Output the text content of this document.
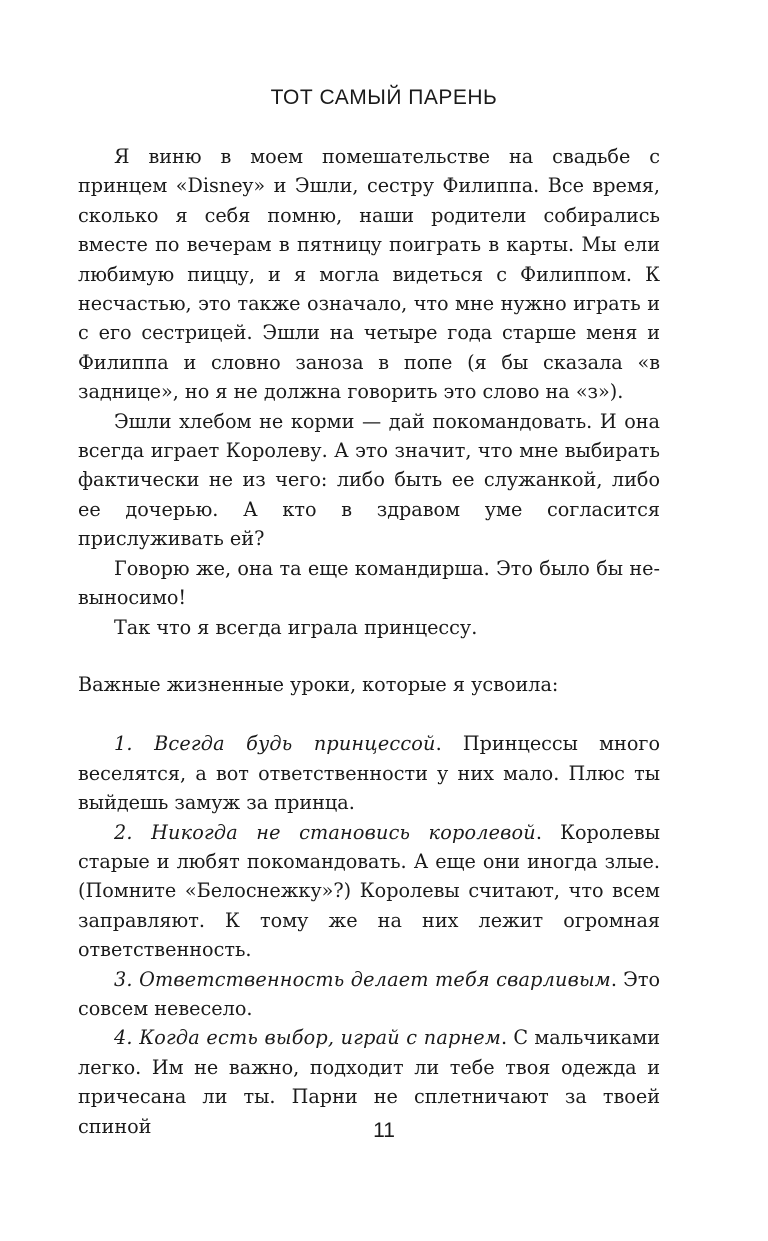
ТОТ САМЫЙ ПАРЕНЬ

Я виню в моем помешательстве на свадьбе с принцем «Disney» и Эшли, сестру Филиппа. Все время, сколько я себя помню, наши родители собирались вместе по вечерам в пятницу поиграть в карты. Мы ели любимую пиццу, и я могла видеться с Филиппом. К несчастью, это также означало, что мне нужно играть и с его сестрицей. Эшли на четыре года старше меня и Филиппа и словно заноза в попе (я бы сказала «в заднице», но я не должна говорить это слово на «з»).

Эшли хлебом не корми — дай покомандовать. И она всегда играет Королеву. А это значит, что мне выбирать фактически не из чего: либо быть ее служанкой, либо ее дочерью. А кто в здравом уме согласится прислуживать ей?

Говорю же, она та еще командирша. Это было бы невыносимо!

Так что я всегда играла принцессу.

Важные жизненные уроки, которые я усвоила:

1. Всегда будь принцессой. Принцессы много веселятся, а вот ответственности у них мало. Плюс ты выйдешь замуж за принца.

2. Никогда не становись королевой. Королевы старые и любят покомандовать. А еще они иногда злые. (Помните «Белоснежку»?) Королевы считают, что всем заправляют. К тому же на них лежит огромная ответственность.

3. Ответственность делает тебя сварливым. Это совсем невесело.

4. Когда есть выбор, играй с парнем. С мальчиками легко. Им не важно, подходит ли тебе твоя одежда и причесана ли ты. Парни не сплетничают за твоей спиной	11
